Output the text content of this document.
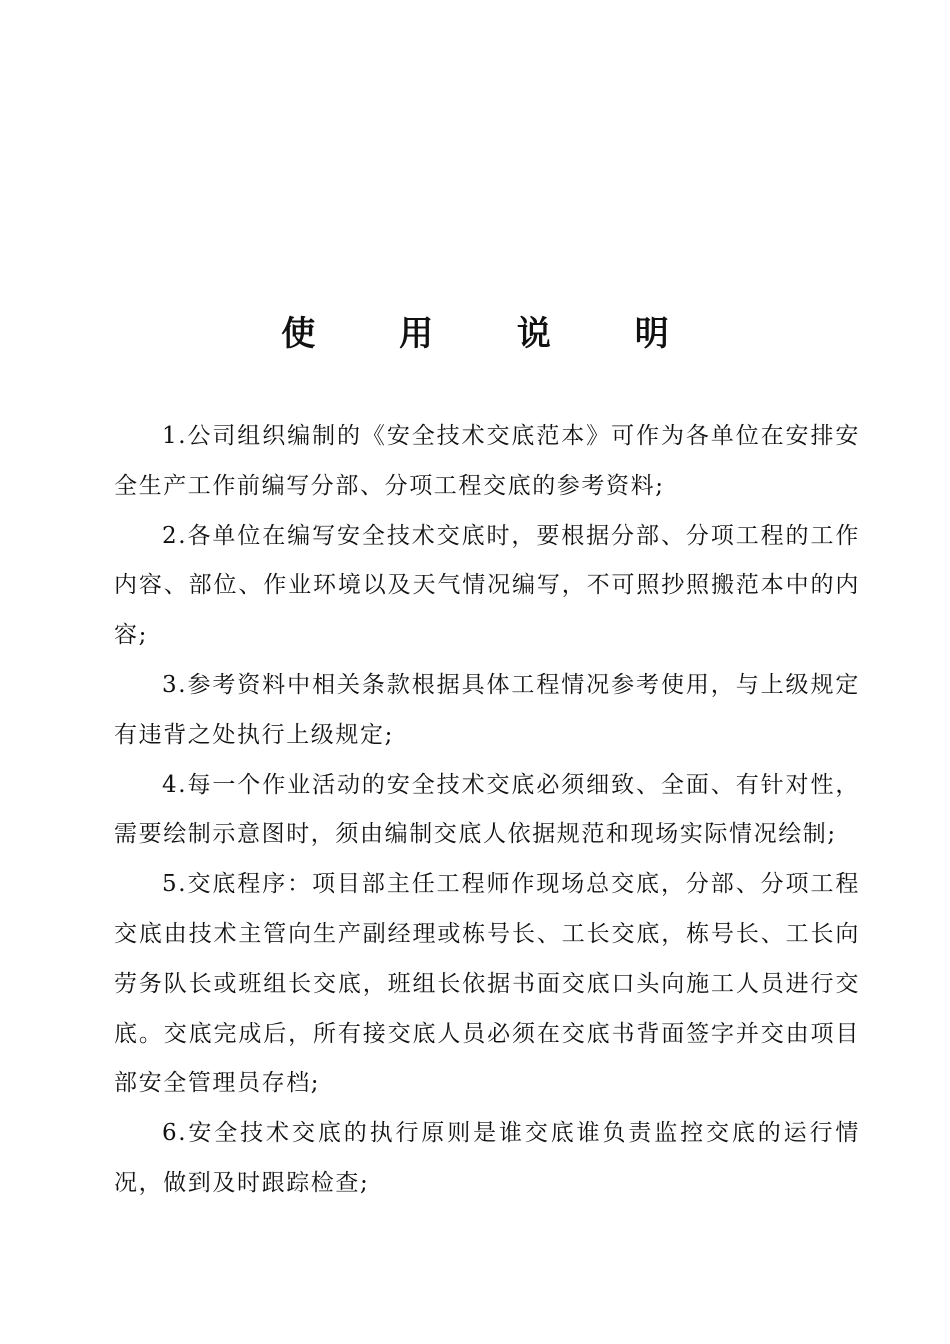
使 用 说 明

1.公司组织编制的《安全技术交底范本》可作为各单位在安排安全生产工作前编写分部、分项工程交底的参考资料;

2.各单位在编写安全技术交底时，要根据分部、分项工程的工作内容、部位、作业环境以及天气情况编写，不可照抄照搬范本中的内容;

3.参考资料中相关条款根据具体工程情况参考使用，与上级规定有违背之处执行上级规定;

4.每一个作业活动的安全技术交底必须细致、全面、有针对性，需要绘制示意图时，须由编制交底人依据规范和现场实际情况绘制;

5.交底程序：项目部主任工程师作现场总交底，分部、分项工程交底由技术主管向生产副经理或栋号长、工长交底，栋号长、工长向劳务队长或班组长交底，班组长依据书面交底口头向施工人员进行交底。交底完成后，所有接交底人员必须在交底书背面签字并交由项目部安全管理员存档;

6.安全技术交底的执行原则是谁交底谁负责监控交底的运行情况，做到及时跟踪检查;
